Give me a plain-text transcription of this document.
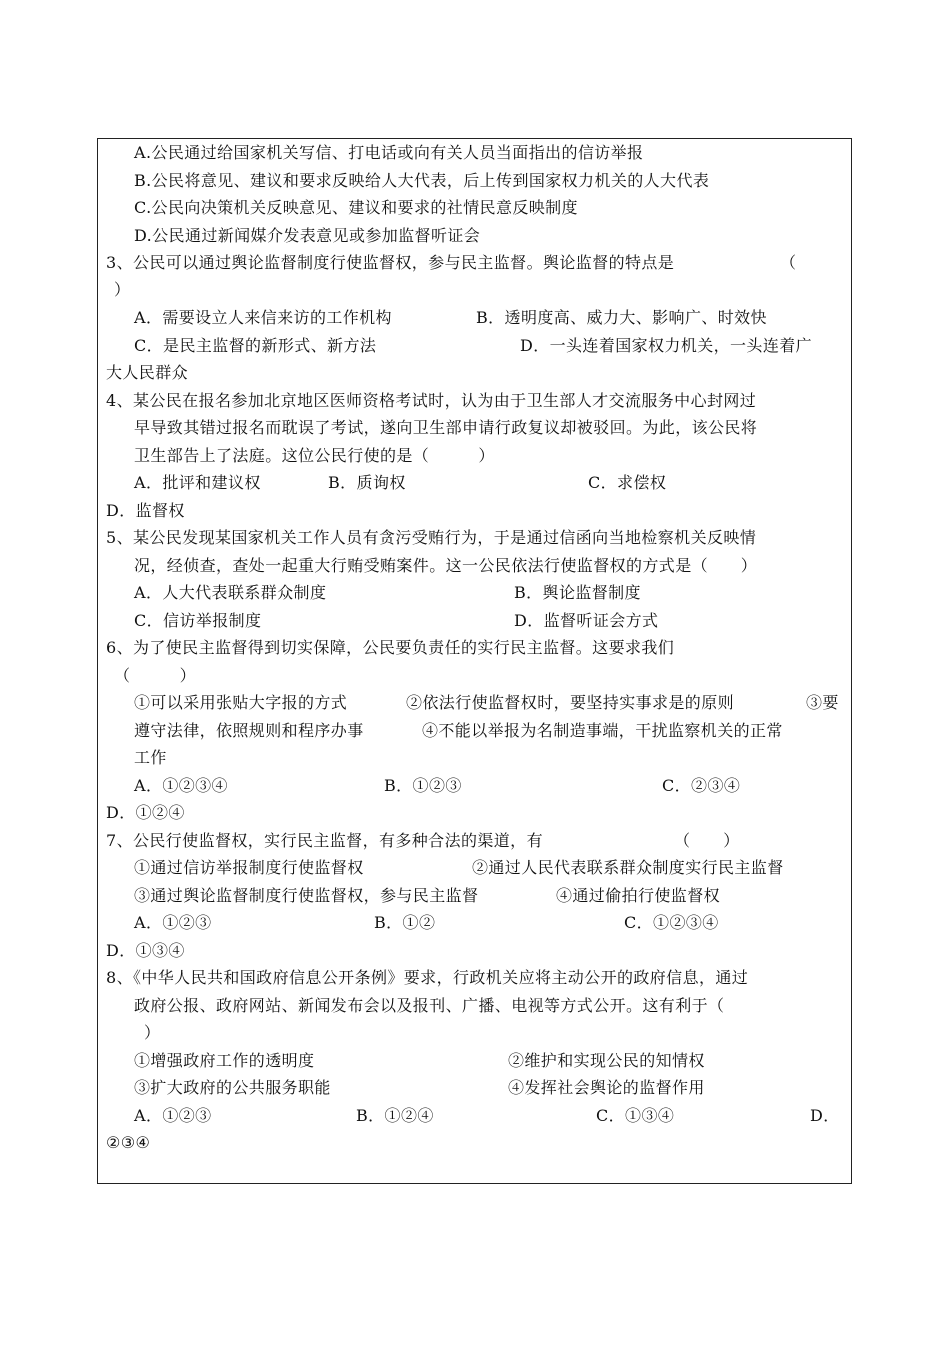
A.公民通过给国家机关写信、打电话或向有关人员当面指出的信访举报
B.公民将意见、建议和要求反映给人大代表，后上传到国家权力机关的人大代表
C.公民向决策机关反映意见、建议和要求的社情民意反映制度
D.公民通过新闻媒介发表意见或参加监督听证会
3、公民可以通过舆论监督制度行使监督权，参与民主监督。舆论监督的特点是	（
）
A．需要设立人来信来访的工作机构	B．透明度高、威力大、影响广、时效快
C．是民主监督的新形式、新方法	D．一头连着国家权力机关，一头连着广
大人民群众
4、某公民在报名参加北京地区医师资格考试时，认为由于卫生部人才交流服务中心封网过
早导致其错过报名而耽误了考试，遂向卫生部申请行政复议却被驳回。为此，该公民将
卫生部告上了法庭。这位公民行使的是（　　　）
A．批评和建议权	B．质询权	C．求偿权
D．监督权
5、某公民发现某国家机关工作人员有贪污受贿行为，于是通过信函向当地检察机关反映情
况，经侦查，查处一起重大行贿受贿案件。这一公民依法行使监督权的方式是（　　）
A．人大代表联系群众制度	B．舆论监督制度
C．信访举报制度	D．监督听证会方式
6、为了使民主监督得到切实保障，公民要负责任的实行民主监督。这要求我们
（　　　）
①可以采用张贴大字报的方式	②依法行使监督权时，要坚持实事求是的原则	③要
遵守法律，依照规则和程序办事	④不能以举报为名制造事端，干扰监察机关的正常
工作
A．①②③④	B．①②③	C．②③④
D．①②④
7、公民行使监督权，实行民主监督，有多种合法的渠道，有	（　　）
①通过信访举报制度行使监督权	②通过人民代表联系群众制度实行民主监督
③通过舆论监督制度行使监督权，参与民主监督	④通过偷拍行使监督权
A．①②③	B．①②	C．①②③④
D．①③④
8、《中华人民共和国政府信息公开条例》要求，行政机关应将主动公开的政府信息，通过
政府公报、政府网站、新闻发布会以及报刊、广播、电视等方式公开。这有利于（
）
①增强政府工作的透明度	②维护和实现公民的知情权
③扩大政府的公共服务职能	④发挥社会舆论的监督作用
A．①②③	B．①②④	C．①③④	D．
②③④
